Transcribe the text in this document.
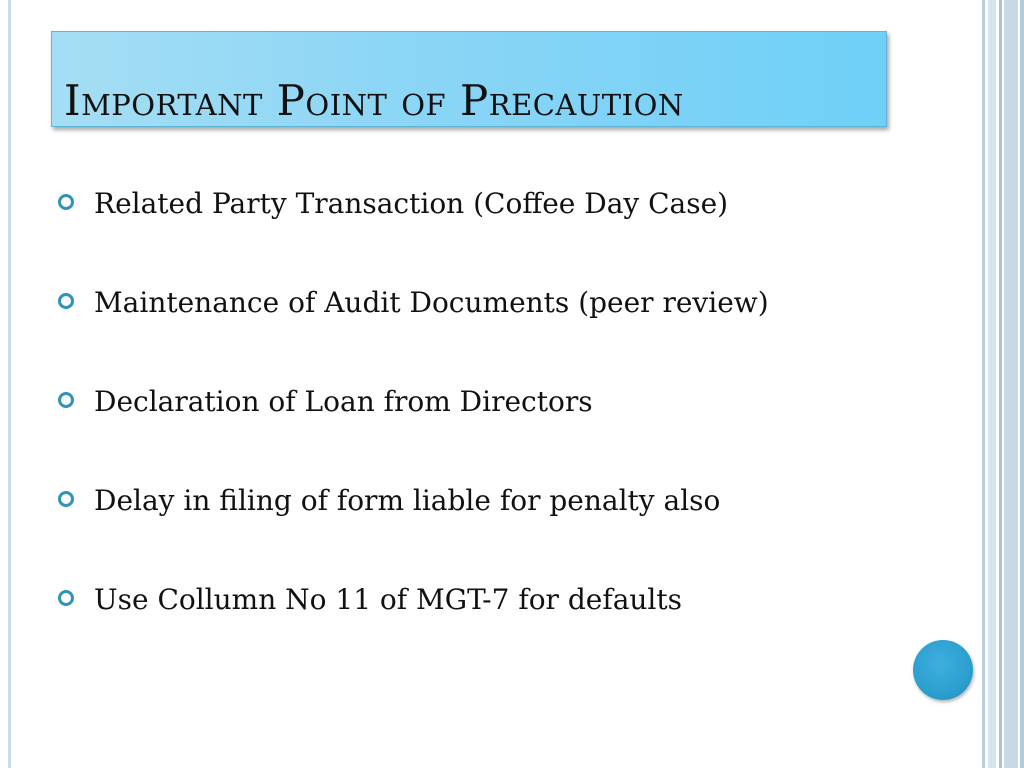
Important Point of Precaution
Related Party Transaction (Coffee Day Case)
Maintenance of Audit Documents (peer review)
Declaration of Loan from Directors
Delay in filing of form liable for penalty also
Use Collumn No 11 of MGT-7 for defaults
